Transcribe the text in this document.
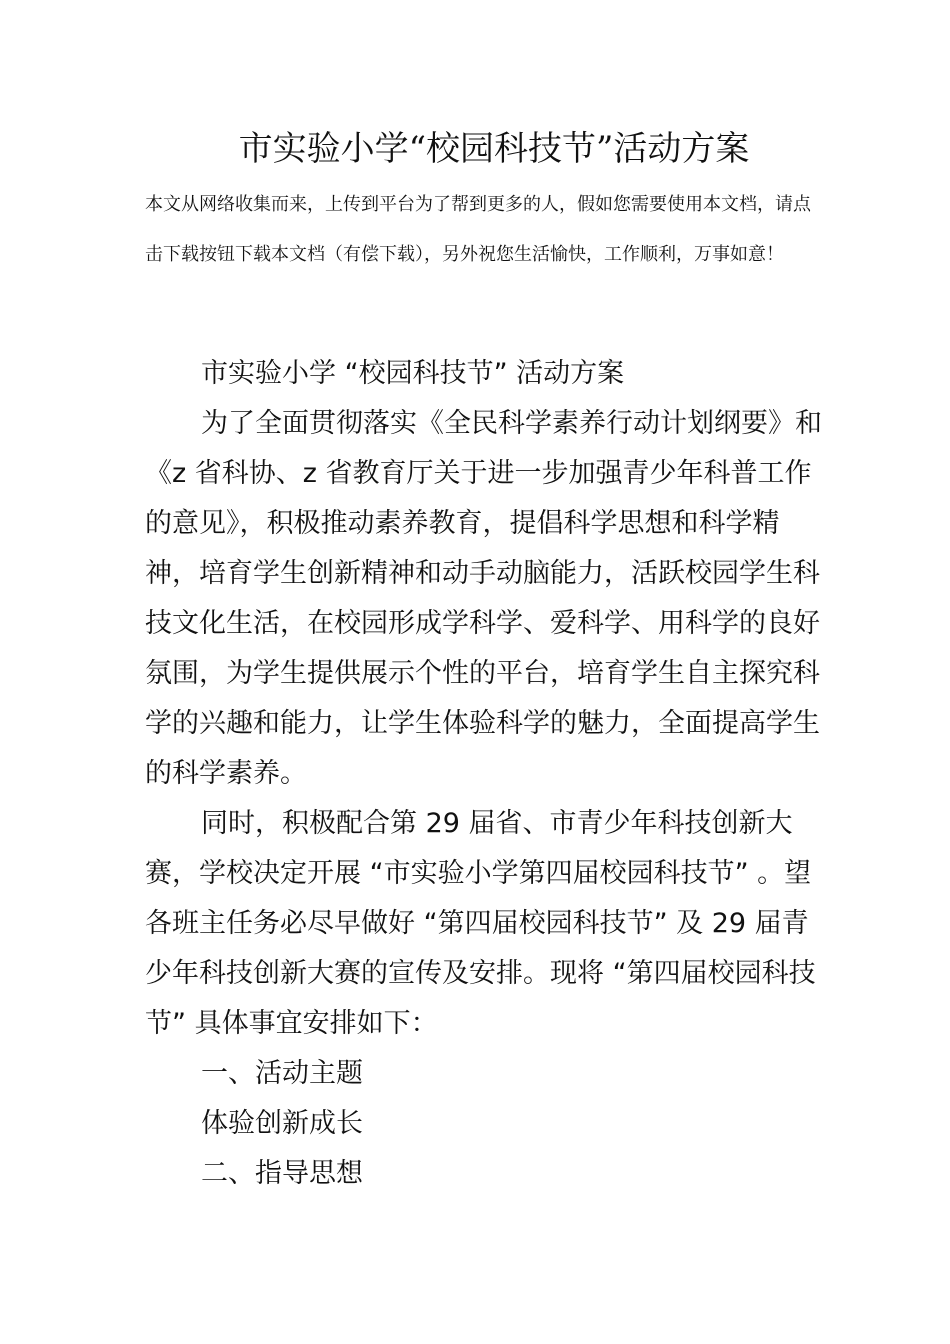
市实验小学“校园科技节”活动方案

本文从网络收集而来，上传到平台为了帮到更多的人，假如您需要使用本文档，请点击下载按钮下载本文档（有偿下载），另外祝您生活愉快，工作顺利，万事如意！

市实验小学 “校园科技节” 活动方案

为了全面贯彻落实《全民科学素养行动计划纲要》和《z 省科协、z 省教育厅关于进一步加强青少年科普工作的意见》，积极推动素养教育，提倡科学思想和科学精神，培育学生创新精神和动手动脑能力，活跃校园学生科技文化生活，在校园形成学科学、爱科学、用科学的良好氛围，为学生提供展示个性的平台，培育学生自主探究科学的兴趣和能力，让学生体验科学的魅力，全面提高学生的科学素养。

同时，积极配合第 29 届省、市青少年科技创新大赛，学校决定开展 “市实验小学第四届校园科技节” 。望各班主任务必尽早做好 “第四届校园科技节” 及 29 届青少年科技创新大赛的宣传及安排。现将 “第四届校园科技节” 具体事宜安排如下：

一、活动主题

体验创新成长

二、指导思想
